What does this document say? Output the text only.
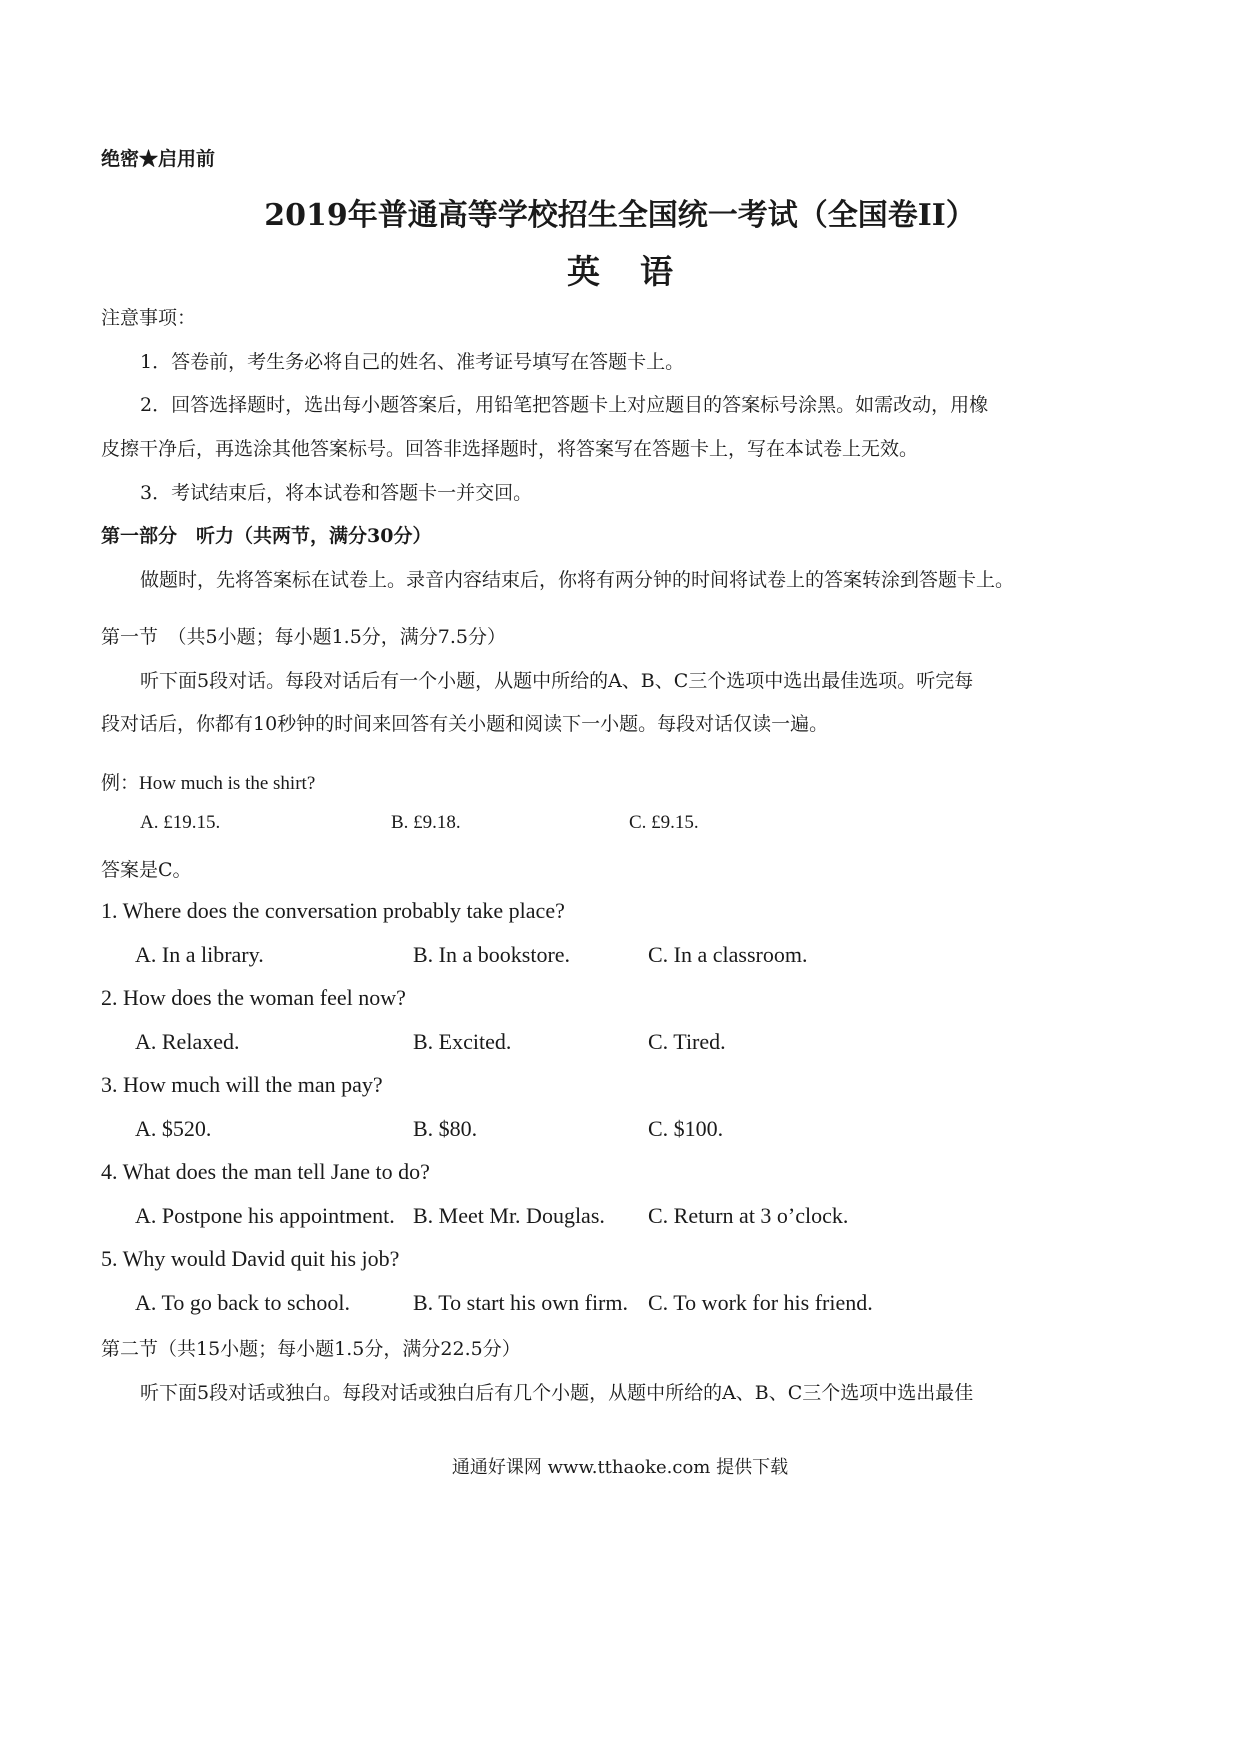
绝密★启用前
2019年普通高等学校招生全国统一考试（全国卷II）
英语
注意事项：
1．答卷前，考生务必将自己的姓名、准考证号填写在答题卡上。
2．回答选择题时，选出每小题答案后，用铅笔把答题卡上对应题目的答案标号涂黑。如需改动，用橡
皮擦干净后，再选涂其他答案标号。回答非选择题时，将答案写在答题卡上，写在本试卷上无效。
3．考试结束后，将本试卷和答题卡一并交回。
第一部分　听力（共两节，满分30分）
做题时，先将答案标在试卷上。录音内容结束后，你将有两分钟的时间将试卷上的答案转涂到答题卡上。
第一节　（共5小题；每小题1.5分，满分7.5分）
听下面5段对话。每段对话后有一个小题，从题中所给的A、B、C三个选项中选出最佳选项。听完每
段对话后，你都有10秒钟的时间来回答有关小题和阅读下一小题。每段对话仅读一遍。
例：How much is the shirt?
A. £19.15.	B. £9.18.	C. £9.15.
答案是C。
1. Where does the conversation probably take place?
A. In a library.	B. In a bookstore.	C. In a classroom.
2. How does the woman feel now?
A. Relaxed.	B. Excited.	C. Tired.
3. How much will the man pay?
A. $520.	B. $80.	C. $100.
4. What does the man tell Jane to do?
A. Postpone his appointment. B. Meet Mr. Douglas. C. Return at 3 o’clock.
5. Why would David quit his job?
A. To go back to school.	B. To start his own firm. C. To work for his friend.
第二节（共15小题；每小题1.5分，满分22.5分）
听下面5段对话或独白。每段对话或独白后有几个小题，从题中所给的A、B、C三个选项中选出最佳
通通好课网 www.tthaoke.com 提供下载
